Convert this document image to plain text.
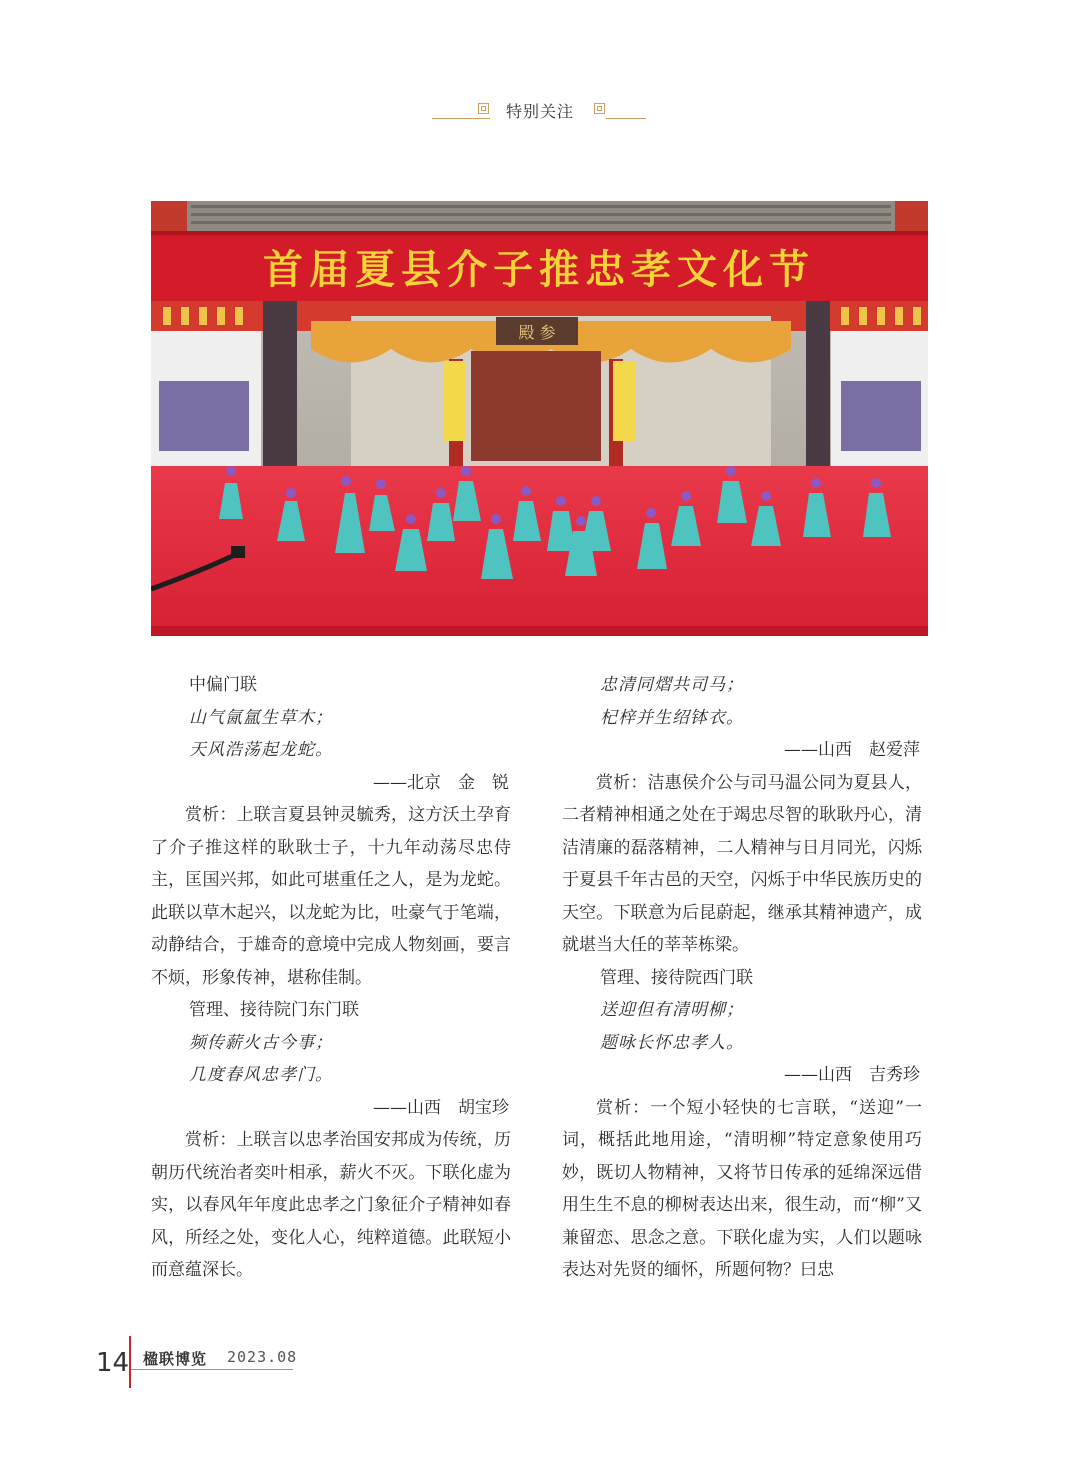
特别关注
首届夏县介子推忠孝文化节
殿 参

中偏门联

山气氤氲生草木；

天风浩荡起龙蛇。

——北京　金　锐

赏析：上联言夏县钟灵毓秀，这方沃土孕育了介子推这样的耿耿士子，十九年动荡尽忠侍主，匡国兴邦，如此可堪重任之人，是为龙蛇。此联以草木起兴，以龙蛇为比，吐豪气于笔端，动静结合，于雄奇的意境中完成人物刻画，要言不烦，形象传神，堪称佳制。

管理、接待院门东门联

频传薪火古今事；

几度春风忠孝门。

——山西　胡宝珍

赏析：上联言以忠孝治国安邦成为传统，历朝历代统治者奕叶相承，薪火不灭。下联化虚为实，以春风年年度此忠孝之门象征介子精神如春风，所经之处，变化人心，纯粹道德。此联短小而意蕴深长。

忠清同熠共司马；

杞梓并生绍钵衣。

——山西　赵爱萍

赏析：洁惠侯介公与司马温公同为夏县人，二者精神相通之处在于竭忠尽智的耿耿丹心，清洁清廉的磊落精神，二人精神与日月同光，闪烁于夏县千年古邑的天空，闪烁于中华民族历史的天空。下联意为后昆蔚起，继承其精神遗产，成就堪当大任的莘莘栋梁。

管理、接待院西门联

送迎但有清明柳；

题咏长怀忠孝人。

——山西　吉秀珍

赏析：一个短小轻快的七言联，“送迎”一词，概括此地用途，“清明柳”特定意象使用巧妙，既切人物精神，又将节日传承的延绵深远借用生生不息的柳树表达出来，很生动，而“柳”又兼留恋、思念之意。下联化虚为实，人们以题咏表达对先贤的缅怀，所题何物？曰忠

14 楹联博览 2023.08
